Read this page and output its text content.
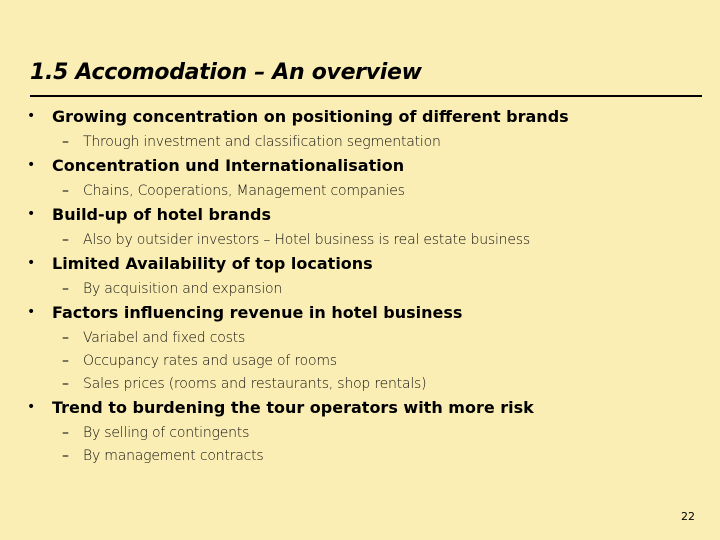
1.5 Accomodation – An overview
• Growing concentration on positioning of different brands
– Through investment and classification segmentation
• Concentration und Internationalisation
– Chains, Cooperations, Management companies
• Build-up of hotel brands
– Also by outsider investors – Hotel business is real estate business
• Limited Availability of top locations
– By acquisition and expansion
• Factors influencing revenue in hotel business
– Variabel and fixed costs
– Occupancy rates and usage of rooms
– Sales prices (rooms and restaurants, shop rentals)
• Trend to burdening the tour operators with more risk
– By selling of contingents
– By management contracts
22
